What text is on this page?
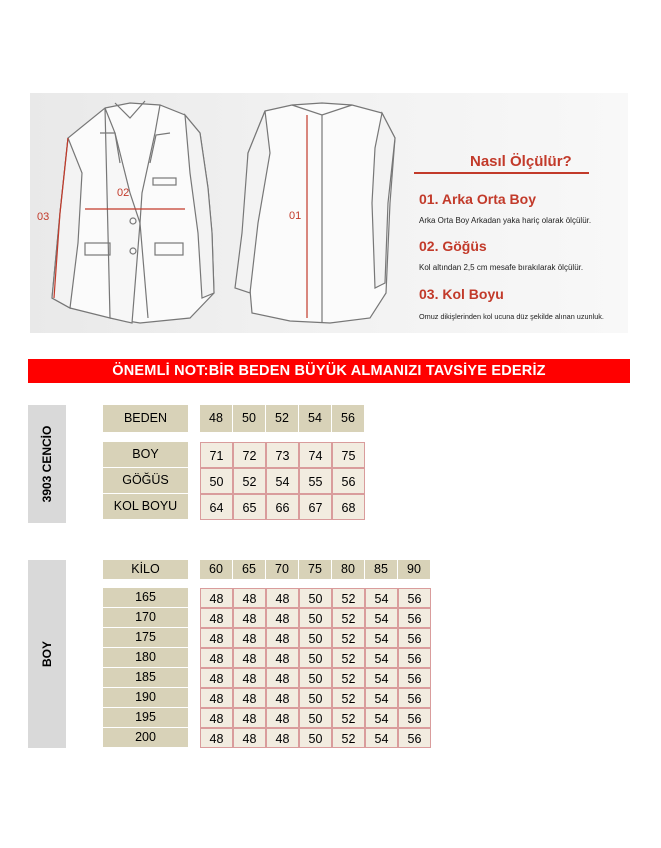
02
03	01
Nasıl Ölçülür?
01. Arka Orta Boy
Arka Orta Boy Arkadan yaka hariç olarak ölçülür.
02. Göğüs
Kol altından 2,5 cm mesafe bırakılarak ölçülür.
03. Kol Boyu
Omuz dikişlerinden kol ucuna düz şekilde alınan uzunluk.
ÖNEMLİ NOT:BİR BEDEN BÜYÜK ALMANIZI TAVSİYE EDERİZ
3903 CENCİO
BEDEN	48	50	52	54	56
BOY	71	72	73	74	75
GÖĞÜS	50	52	54	55	56
KOL BOYU	64	65	66	67	68
BOY
KİLO	60	65	70	75	80	85	90
165	48	48	48	50	52	54	56
170	48	48	48	50	52	54	56
175	48	48	48	50	52	54	56
180	48	48	48	50	52	54	56
185	48	48	48	50	52	54	56
190	48	48	48	50	52	54	56
195	48	48	48	50	52	54	56
200	48	48	48	50	52	54	56
